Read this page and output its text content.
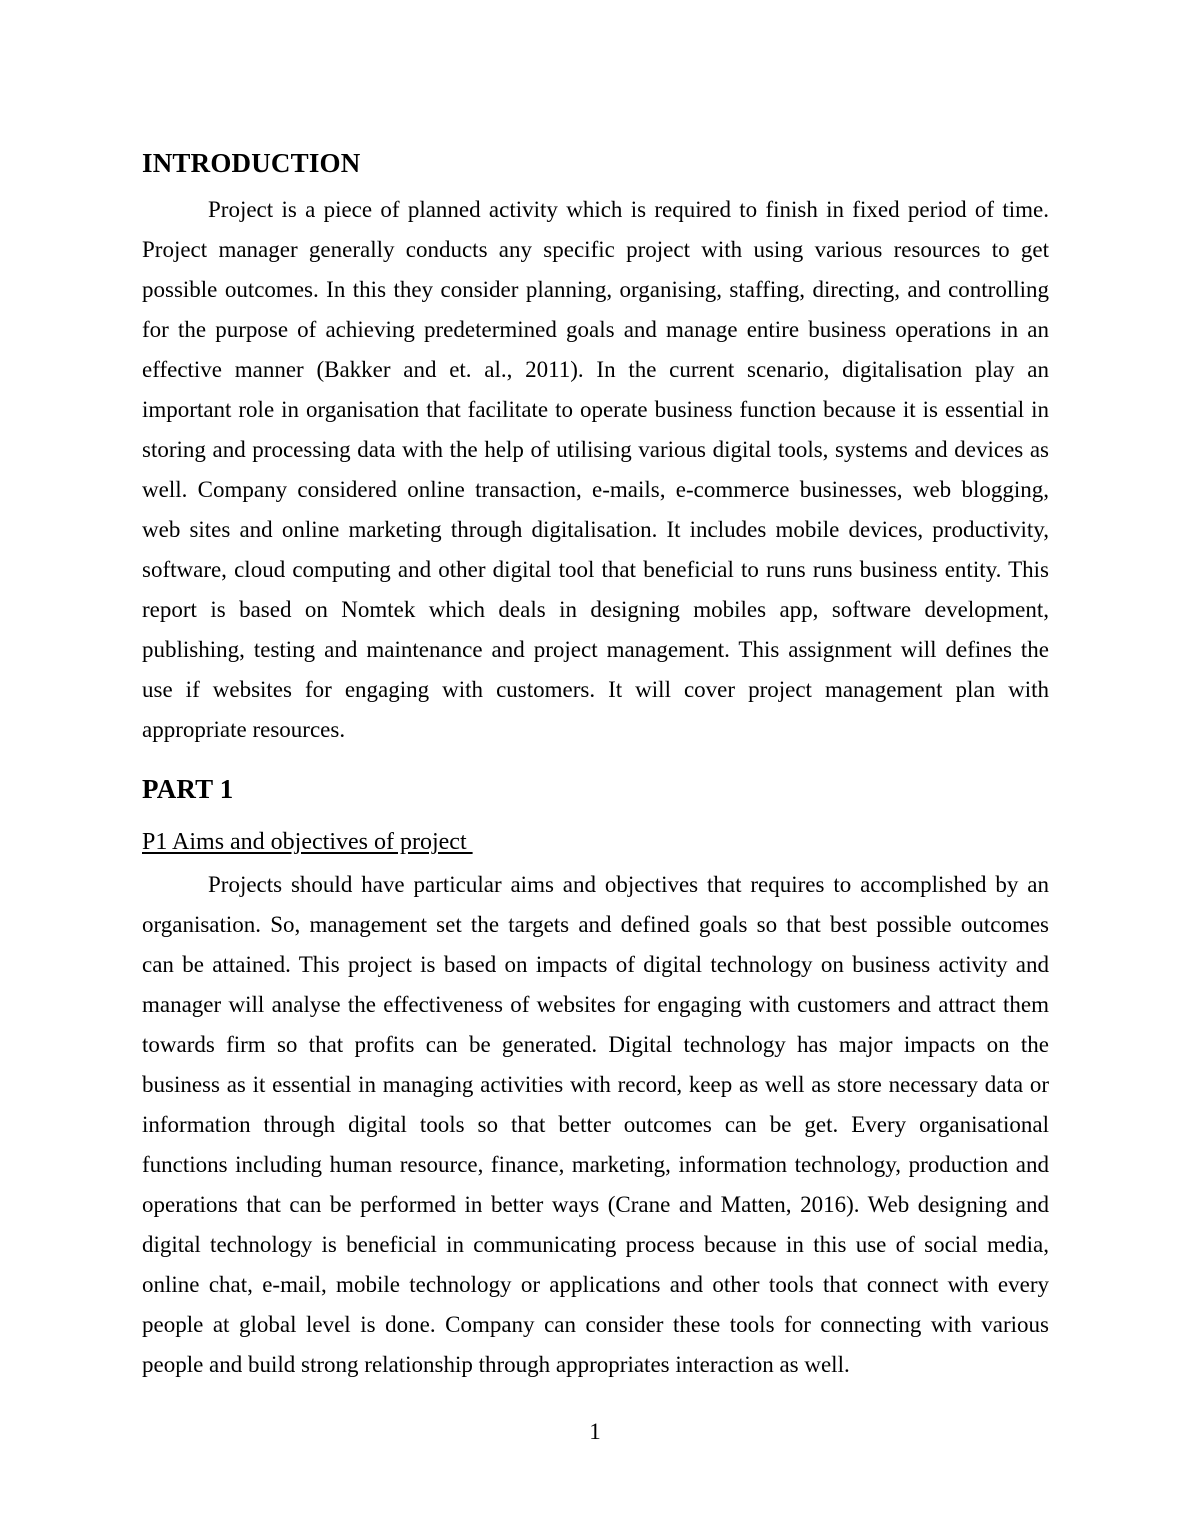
INTRODUCTION
Project is a piece of planned activity which is required to finish in fixed period of time.
Project manager generally conducts any specific project with using various resources to get
possible outcomes. In this they consider planning, organising, staffing, directing, and controlling
for the purpose of achieving predetermined goals and manage entire business operations in an
effective manner (Bakker and et. al., 2011). In the current scenario, digitalisation play an
important role in organisation that facilitate to operate business function because it is essential in
storing and processing data with the help of utilising various digital tools, systems and devices as
well. Company considered online transaction, e-mails, e-commerce businesses, web blogging,
web sites and online marketing through digitalisation. It includes mobile devices, productivity,
software, cloud computing and other digital tool that beneficial to runs runs business entity. This
report is based on Nomtek which deals in designing mobiles app, software development,
publishing, testing and maintenance and project management. This assignment will defines the
use if websites for engaging with customers. It will cover project management plan with
appropriate resources.
PART 1
P1 Aims and objectives of project
Projects should have particular aims and objectives that requires to accomplished by an
organisation. So, management set the targets and defined goals so that best possible outcomes
can be attained. This project is based on impacts of digital technology on business activity and
manager will analyse the effectiveness of websites for engaging with customers and attract them
towards firm so that profits can be generated. Digital technology has major impacts on the
business as it essential in managing activities with record, keep as well as store necessary data or
information through digital tools so that better outcomes can be get. Every organisational
functions including human resource, finance, marketing, information technology, production and
operations that can be performed in better ways (Crane and Matten, 2016). Web designing and
digital technology is beneficial in communicating process because in this use of social media,
online chat, e-mail, mobile technology or applications and other tools that connect with every
people at global level is done. Company can consider these tools for connecting with various
people and build strong relationship through appropriates interaction as well.
1
